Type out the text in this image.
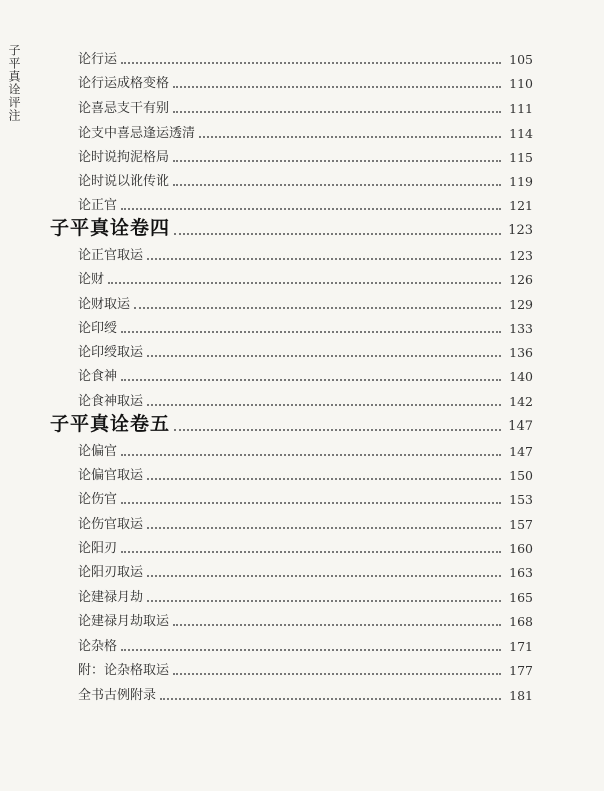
子平真诠评注	论行运	105
论行运成格变格	110
论喜忌支干有别	111
论支中喜忌逢运透清	114
论时说拘泥格局	115
论时说以讹传讹	119
论正官	121
子平真诠卷四	123
论正官取运	123
论财	126
论财取运	129
论印绶	133
论印绶取运	136
论食神	140
论食神取运	142
子平真诠卷五	147
论偏官	147
论偏官取运	150
论伤官	153
论伤官取运	157
论阳刃	160
论阳刃取运	163
论建禄月劫	165
论建禄月劫取运	168
论杂格	171
附：论杂格取运	177
全书古例附录	181
